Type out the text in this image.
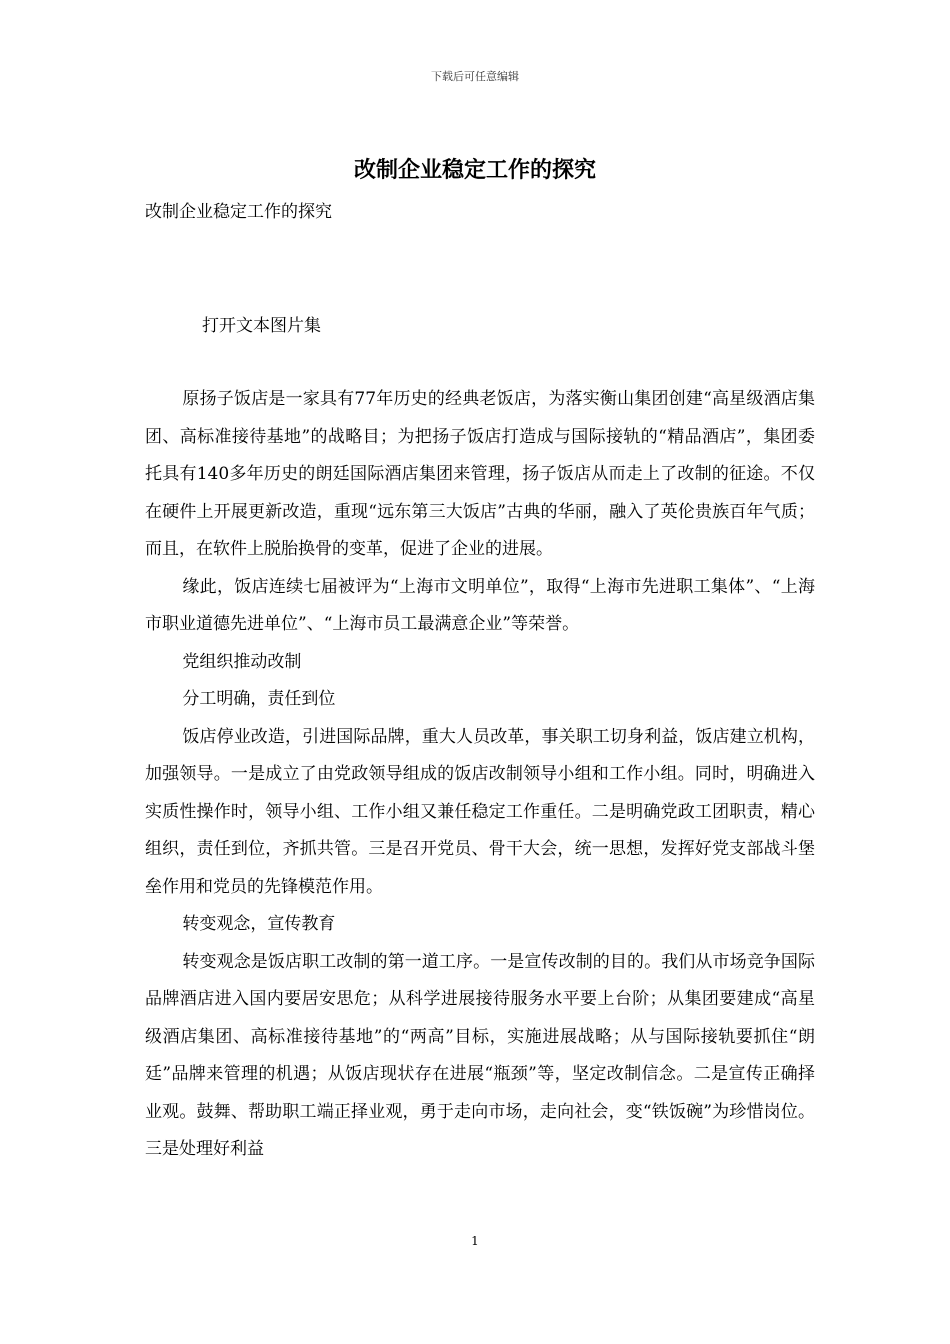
下载后可任意编辑
改制企业稳定工作的探究
改制企业稳定工作的探究
打开文本图片集

原扬子饭店是一家具有77年历史的经典老饭店，为落实衡山集团创建“高星级酒店集团、高标准接待基地”的战略目；为把扬子饭店打造成与国际接轨的“精品酒店”，集团委托具有140多年历史的朗廷国际酒店集团来管理，扬子饭店从而走上了改制的征途。不仅在硬件上开展更新改造，重现“远东第三大饭店”古典的华丽，融入了英伦贵族百年气质；而且，在软件上脱胎换骨的变革，促进了企业的进展。

缘此，饭店连续七届被评为“上海市文明单位”，取得“上海市先进职工集体”、“上海市职业道德先进单位”、“上海市员工最满意企业”等荣誉。

党组织推动改制

分工明确，责任到位

饭店停业改造，引进国际品牌，重大人员改革，事关职工切身利益，饭店建立机构，加强领导。一是成立了由党政领导组成的饭店改制领导小组和工作小组。同时，明确进入实质性操作时，领导小组、工作小组又兼任稳定工作重任。二是明确党政工团职责，精心组织，责任到位，齐抓共管。三是召开党员、骨干大会，统一思想，发挥好党支部战斗堡垒作用和党员的先锋模范作用。

转变观念，宣传教育

转变观念是饭店职工改制的第一道工序。一是宣传改制的目的。我们从市场竞争国际品牌酒店进入国内要居安思危；从科学进展接待服务水平要上台阶；从集团要建成“高星级酒店集团、高标准接待基地”的“两高”目标，实施进展战略；从与国际接轨要抓住“朗廷”品牌来管理的机遇；从饭店现状存在进展“瓶颈”等，坚定改制信念。二是宣传正确择业观。鼓舞、帮助职工端正择业观，勇于走向市场，走向社会，变“铁饭碗”为珍惜岗位。三是处理好利益

1
